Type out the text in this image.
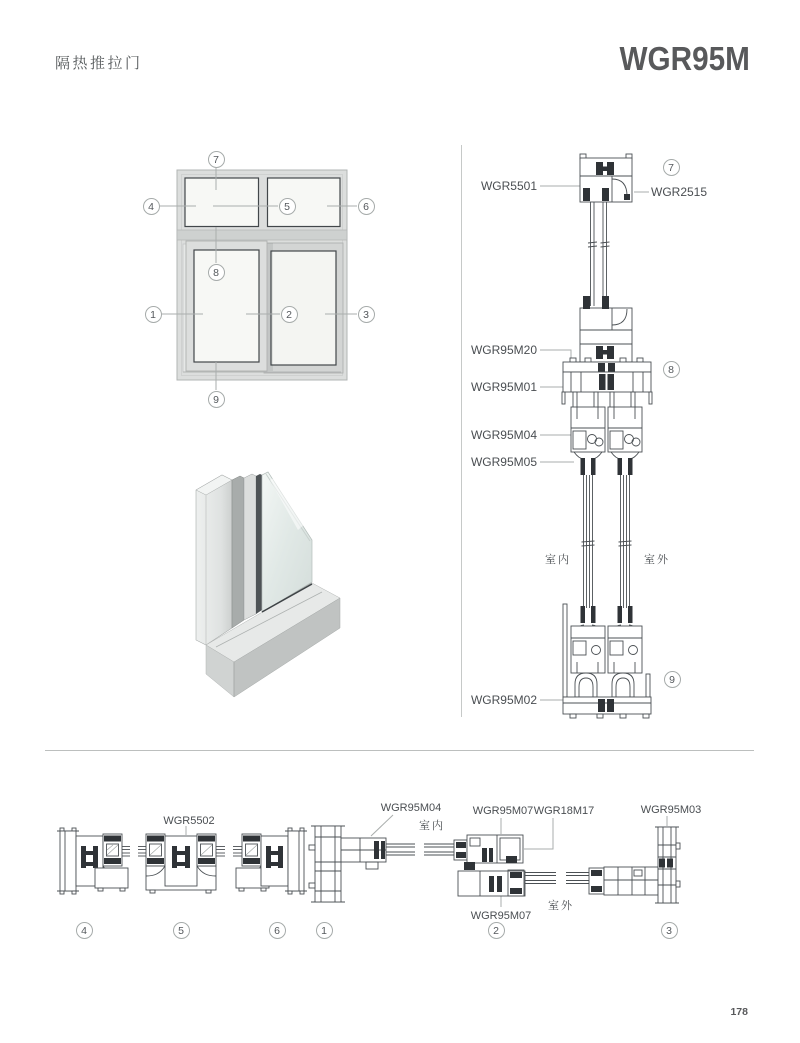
隔热推拉门	WGR95M
7
4	5	6
8
1	2	3
9
WGR5501	WGR2515
WGR95M20
WGR95M01
WGR95M04
WGR95M05
WGR95M02
室内	室外
7
8
9
WGR5502
WGR95M04
室内
WGR95M07 WGR18M17
WGR95M07
室外
WGR95M03
4	5	6	1	2	3
178
